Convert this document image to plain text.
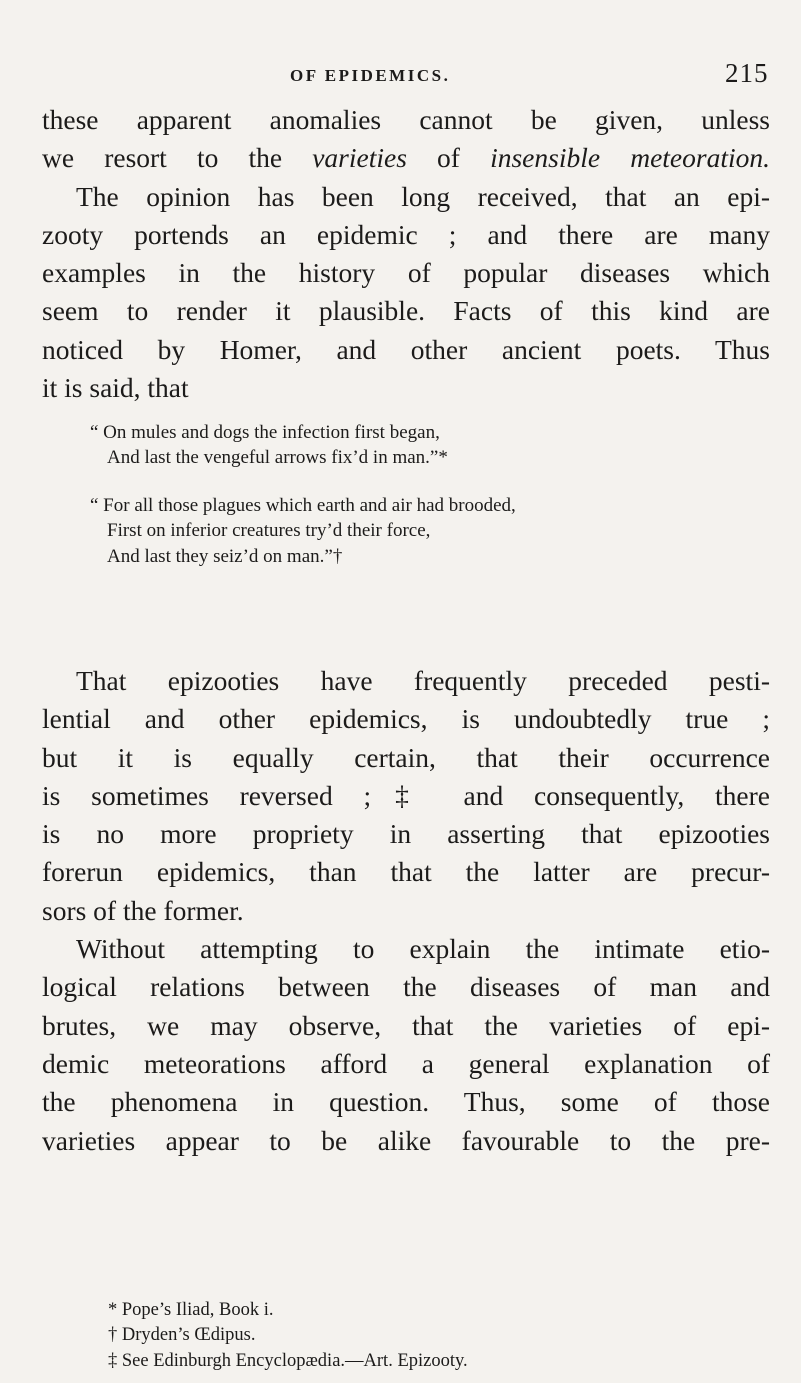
OF EPIDEMICS.	215
these apparent anomalies cannot be given, unless
we resort to the varieties of insensible meteoration.
The opinion has been long received, that an epi-
zooty portends an epidemic ; and there are many
examples in the history of popular diseases which
seem to render it plausible. Facts of this kind are
noticed by Homer, and other ancient poets. Thus
it is said, that
“ On mules and dogs the infection first began,
And last the vengeful arrows fix’d in man.”*
“ For all those plagues which earth and air had brooded,
First on inferior creatures try’d their force,
And last they seiz’d on man.”†
That epizooties have frequently preceded pesti-
lential and other epidemics, is undoubtedly true ;
but it is equally certain, that their occurrence
is sometimes reversed ;‡ and consequently, there
is no more propriety in asserting that epizooties
forerun epidemics, than that the latter are precur-
sors of the former.
Without attempting to explain the intimate etio-
logical relations between the diseases of man and
brutes, we may observe, that the varieties of epi-
demic meteorations afford a general explanation of
the phenomena in question. Thus, some of those
varieties appear to be alike favourable to the pre-
* Pope’s Iliad, Book i.
† Dryden’s Œdipus.
‡ See Edinburgh Encyclopædia.—Art. Epizooty.
